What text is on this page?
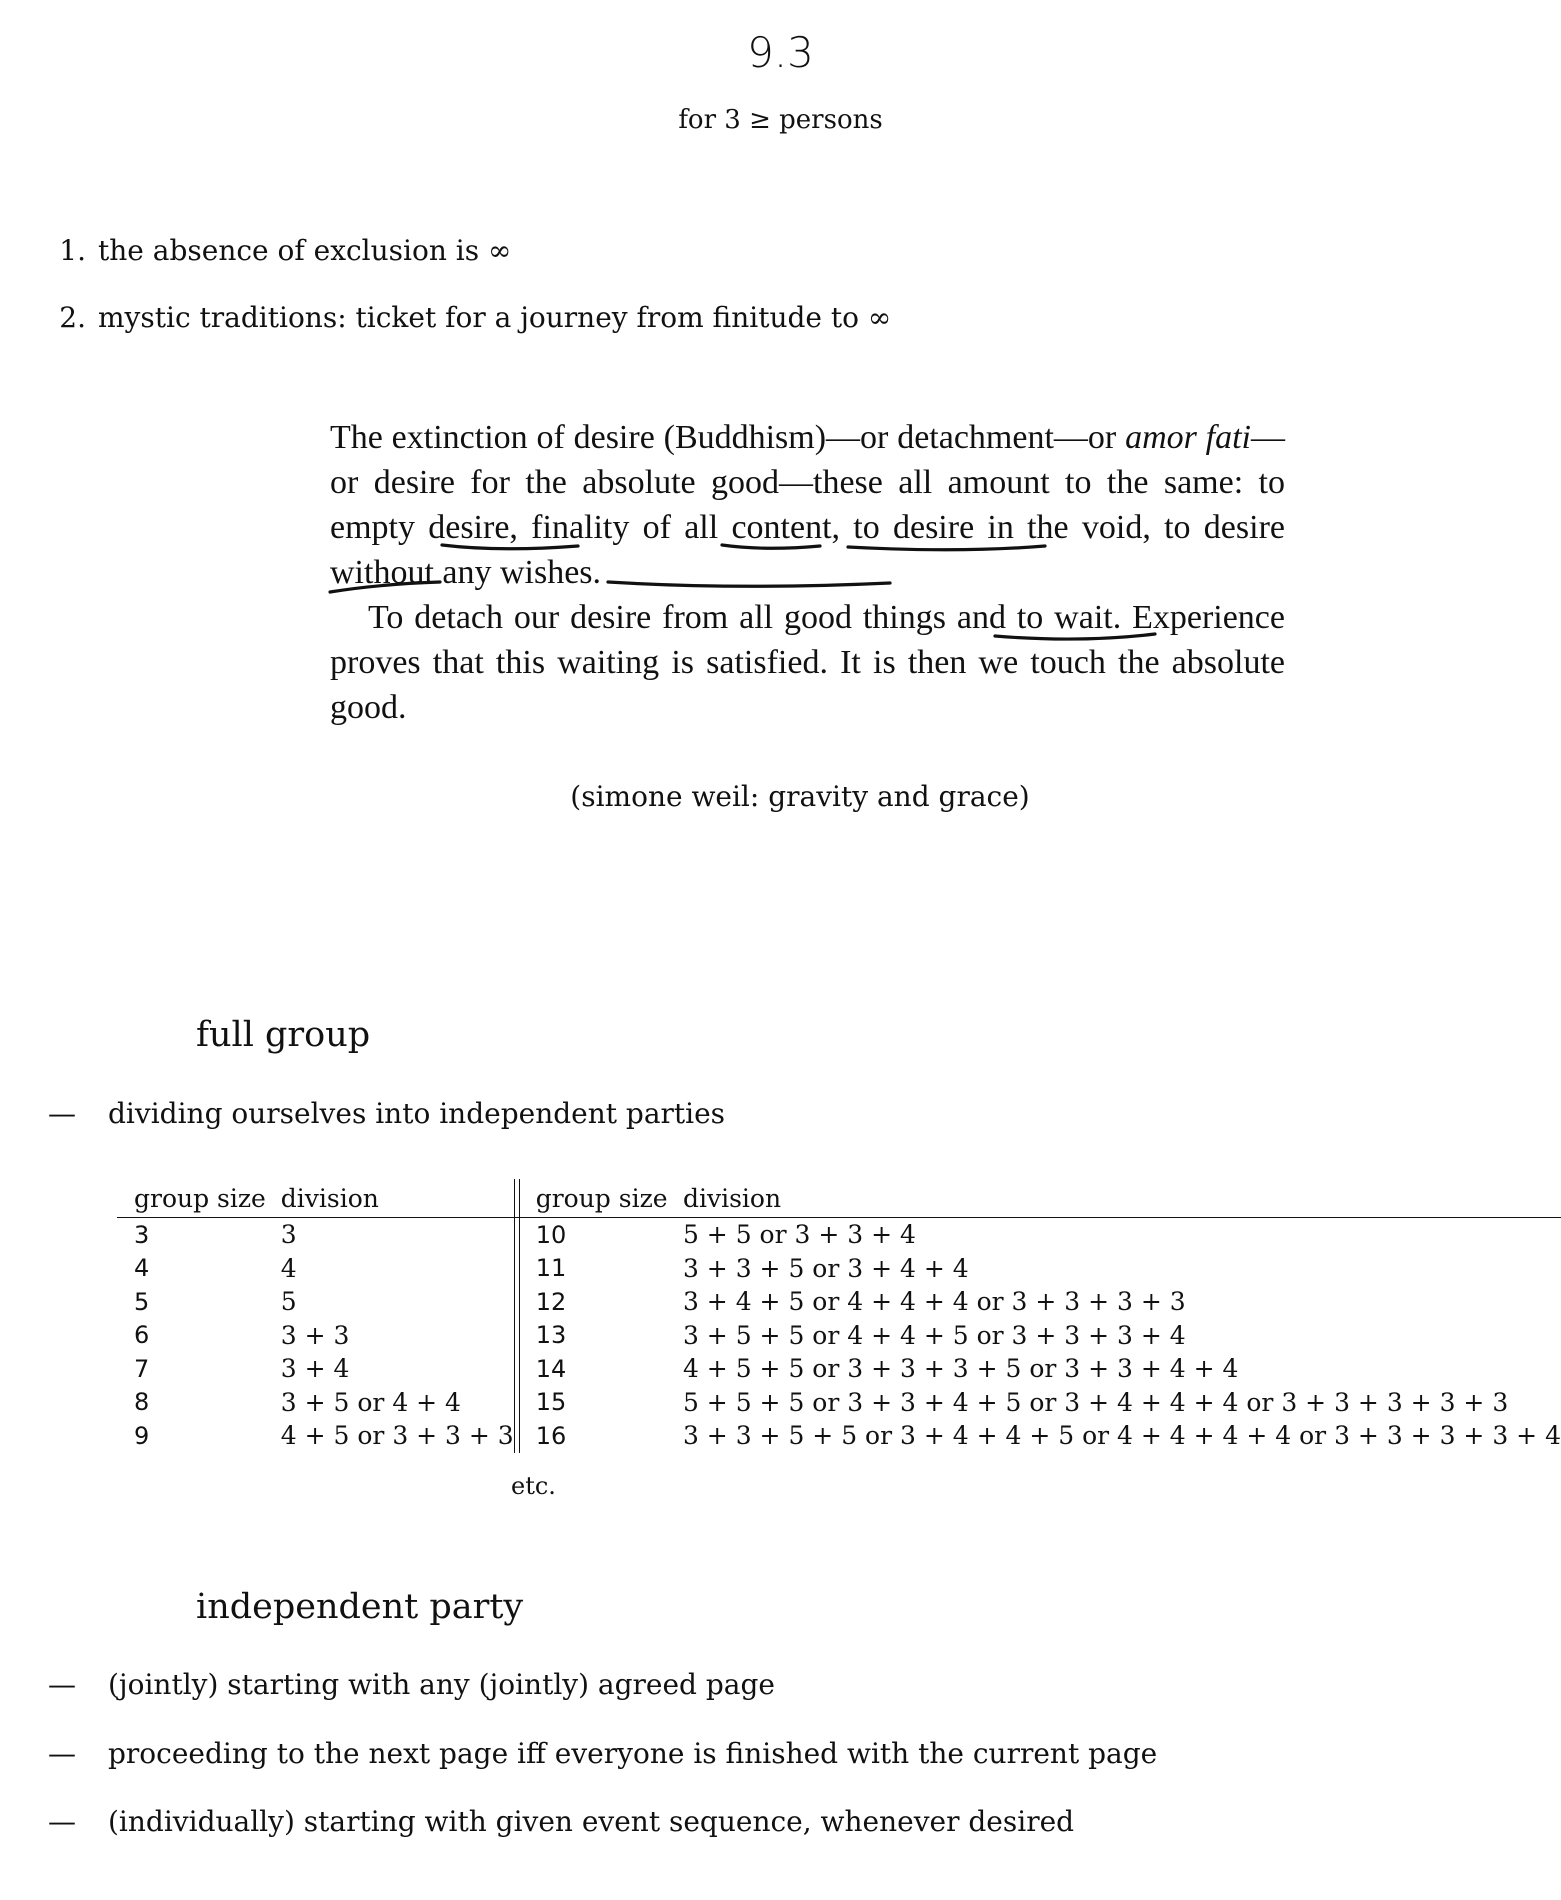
9.3
for 3 ≥ persons
1. the absence of exclusion is ∞
2. mystic traditions: ticket for a journey from finitude to ∞

The extinction of desire (Buddhism)—or detachment—or amor fati—or desire for the absolute good—these all amount to the same: to empty desire, finality of all content, to desire in the void, to desire without any wishes.

To detach our desire from all good things and to wait. Experience proves that this waiting is satisfied. It is then we touch the absolute good.

(simone weil: gravity and grace)
full group
— dividing ourselves into independent parties
group size	division		group size	division
3	3		10	5 + 5 or 3 + 3 + 4
4	4		11	3 + 3 + 5 or 3 + 4 + 4
5	5		12	3 + 4 + 5 or 4 + 4 + 4 or 3 + 3 + 3 + 3
6	3 + 3		13	3 + 5 + 5 or 4 + 4 + 5 or 3 + 3 + 3 + 4
7	3 + 4		14	4 + 5 + 5 or 3 + 3 + 3 + 5 or 3 + 3 + 4 + 4
8	3 + 5 or 4 + 4		15	5 + 5 + 5 or 3 + 3 + 4 + 5 or 3 + 4 + 4 + 4 or 3 + 3 + 3 + 3 + 3
9	4 + 5 or 3 + 3 + 3		16	3 + 3 + 5 + 5 or 3 + 4 + 4 + 5 or 4 + 4 + 4 + 4 or 3 + 3 + 3 + 3 + 4
etc.
independent party
— (jointly) starting with any (jointly) agreed page
— proceeding to the next page iff everyone is finished with the current page
— (individually) starting with given event sequence, whenever desired
